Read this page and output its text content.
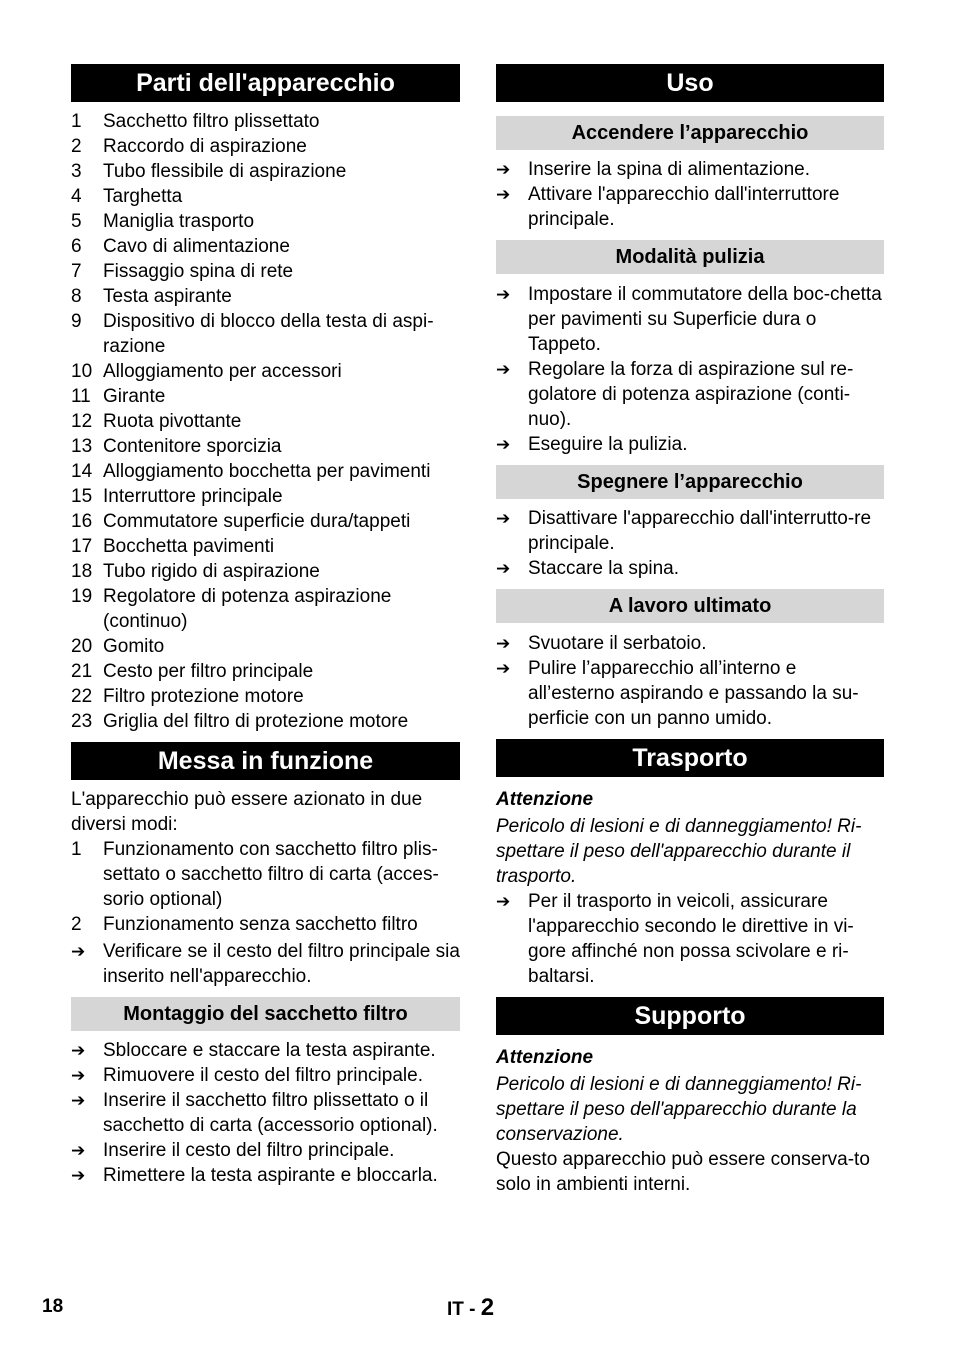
Parti dell'apparecchio
1	Sacchetto filtro plissettato
2	Raccordo di aspirazione
3	Tubo flessibile di aspirazione
4	Targhetta
5	Maniglia trasporto
6	Cavo di alimentazione
7	Fissaggio spina di rete
8	Testa aspirante
9	Dispositivo di blocco della testa di aspi-razione
10 Alloggiamento per accessori
11 Girante
12 Ruota pivottante
13 Contenitore sporcizia
14 Alloggiamento bocchetta per pavimenti
15 Interruttore principale
16 Commutatore superficie dura/tappeti
17 Bocchetta pavimenti
18 Tubo rigido di aspirazione
19 Regolatore di potenza aspirazione (continuo)
20 Gomito
21 Cesto per filtro principale
22 Filtro protezione motore
23 Griglia del filtro di protezione motore
Messa in funzione

L'apparecchio può essere azionato in due diversi modi:

1	Funzionamento con sacchetto filtro plis-settato o sacchetto filtro di carta (acces-sorio optional)
2	Funzionamento senza sacchetto filtro
➔ Verificare se il cesto del filtro principale sia inserito nell'apparecchio.
Montaggio del sacchetto filtro
➔ Sbloccare e staccare la testa aspirante.
➔ Rimuovere il cesto del filtro principale.
➔ Inserire il sacchetto filtro plissettato o il sacchetto di carta (accessorio optional).
➔ Inserire il cesto del filtro principale.
➔ Rimettere la testa aspirante e bloccarla.
Uso
Accendere l’apparecchio
➔ Inserire la spina di alimentazione.
➔ Attivare l'apparecchio dall'interruttore principale.
Modalità pulizia
➔ Impostare il commutatore della boc-chetta per pavimenti su Superficie dura o Tappeto.
➔ Regolare la forza di aspirazione sul re-golatore di potenza aspirazione (conti-nuo).
➔ Eseguire la pulizia.
Spegnere l’apparecchio
➔ Disattivare l'apparecchio dall'interrutto-re principale.
➔ Staccare la spina.
A lavoro ultimato
➔ Svuotare il serbatoio.
➔ Pulire l’apparecchio all’interno e all’esterno aspirando e passando la su-perficie con un panno umido.
Trasporto

Attenzione

Pericolo di lesioni e di danneggiamento! Ri-spettare il peso dell'apparecchio durante il trasporto.

➔ Per il trasporto in veicoli, assicurare l'apparecchio secondo le direttive in vi-gore affinché non possa scivolare e ri-baltarsi.
Supporto

Attenzione

Pericolo di lesioni e di danneggiamento! Ri-spettare il peso dell'apparecchio durante la conservazione.

Questo apparecchio può essere conserva-to solo in ambienti interni.

18	IT - 2
